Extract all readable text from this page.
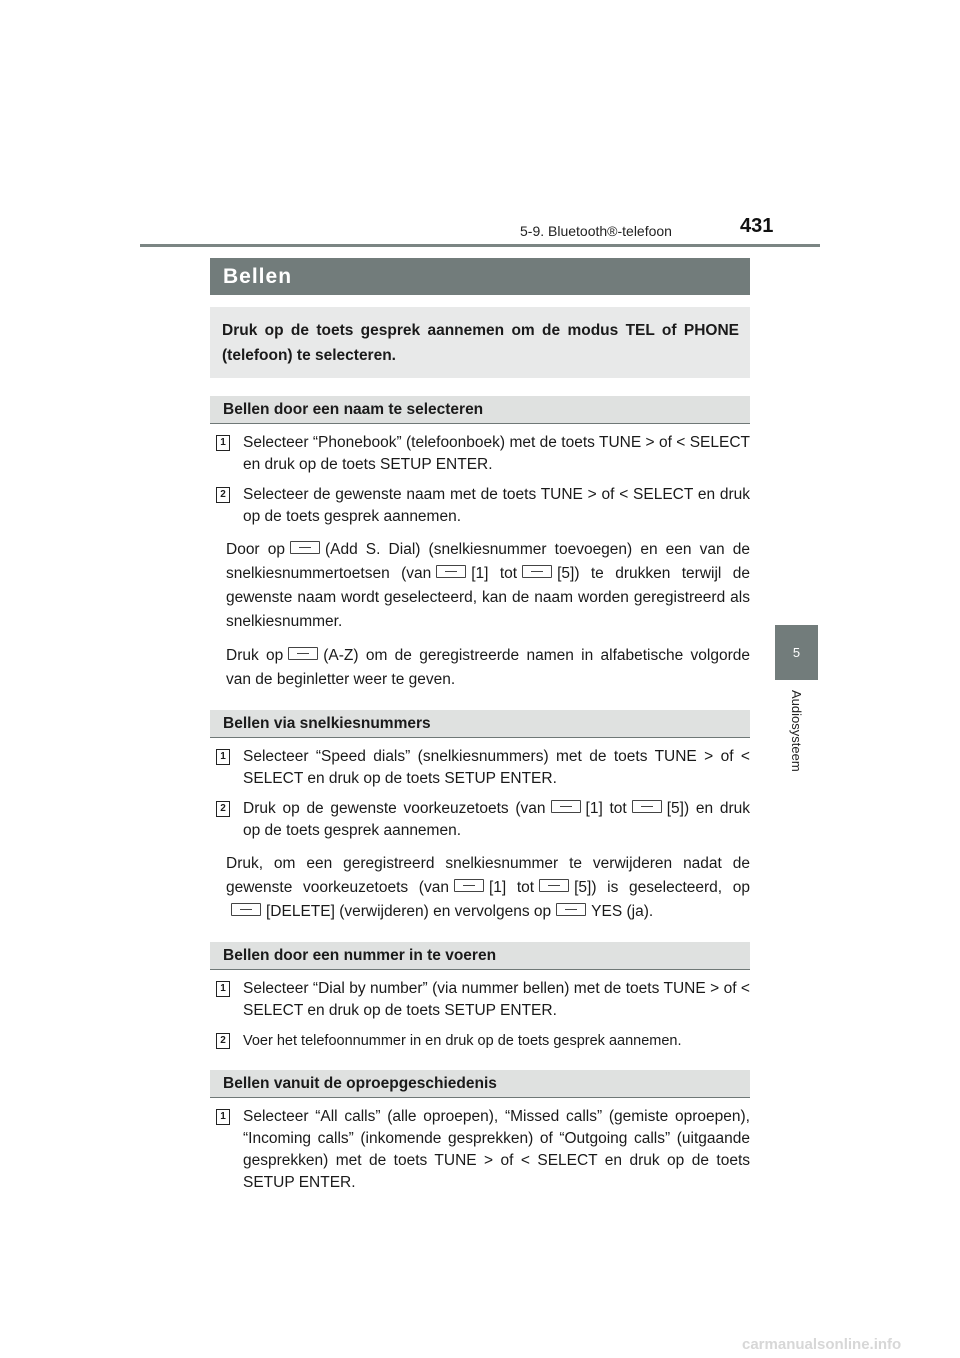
5-9. Bluetooth®-telefoon	431
5
Audiosysteem
Bellen
Druk op de toets gesprek aannemen om de modus TEL of PHONE (telefoon) te selecteren.
Bellen door een naam te selecteren
1 Selecteer “Phonebook” (telefoonboek) met de toets TUNE > of < SELECT en druk op de toets SETUP ENTER.
2 Selecteer de gewenste naam met de toets TUNE > of < SELECT en druk op de toets gesprek aannemen.
Door op	(Add S. Dial) (snelkiesnummer toevoegen) en een van de snelkiesnummertoetsen (van	[1] tot	[5]) te drukken terwijl de gewenste naam wordt geselecteerd, kan de naam worden geregistreerd als snelkiesnummer.
Druk op	(A-Z) om de geregistreerde namen in alfabetische volgorde van de beginletter weer te geven.
Bellen via snelkiesnummers
1 Selecteer “Speed dials” (snelkiesnummers) met de toets TUNE > of < SELECT en druk op de toets SETUP ENTER.
2 Druk op de gewenste voorkeuzetoets (van	[1] tot	[5]) en druk op de toets gesprek aannemen.
Druk, om een geregistreerd snelkiesnummer te verwijderen nadat de gewenste voorkeuzetoets (van	[1] tot	[5]) is geselecteerd, op[DELETE] (verwijderen) en vervolgens op	YES (ja).
Bellen door een nummer in te voeren
1 Selecteer “Dial by number” (via nummer bellen) met de toets TUNE > of < SELECT en druk op de toets SETUP ENTER.
2 Voer het telefoonnummer in en druk op de toets gesprek aannemen.
Bellen vanuit de oproepgeschiedenis
1 Selecteer “All calls” (alle oproepen), “Missed calls” (gemiste oproepen), “Incoming calls” (inkomende gesprekken) of “Outgoing calls” (uitgaande gesprekken) met de toets TUNE > of < SELECT en druk op de toets SETUP ENTER.
carmanualsonline.info
